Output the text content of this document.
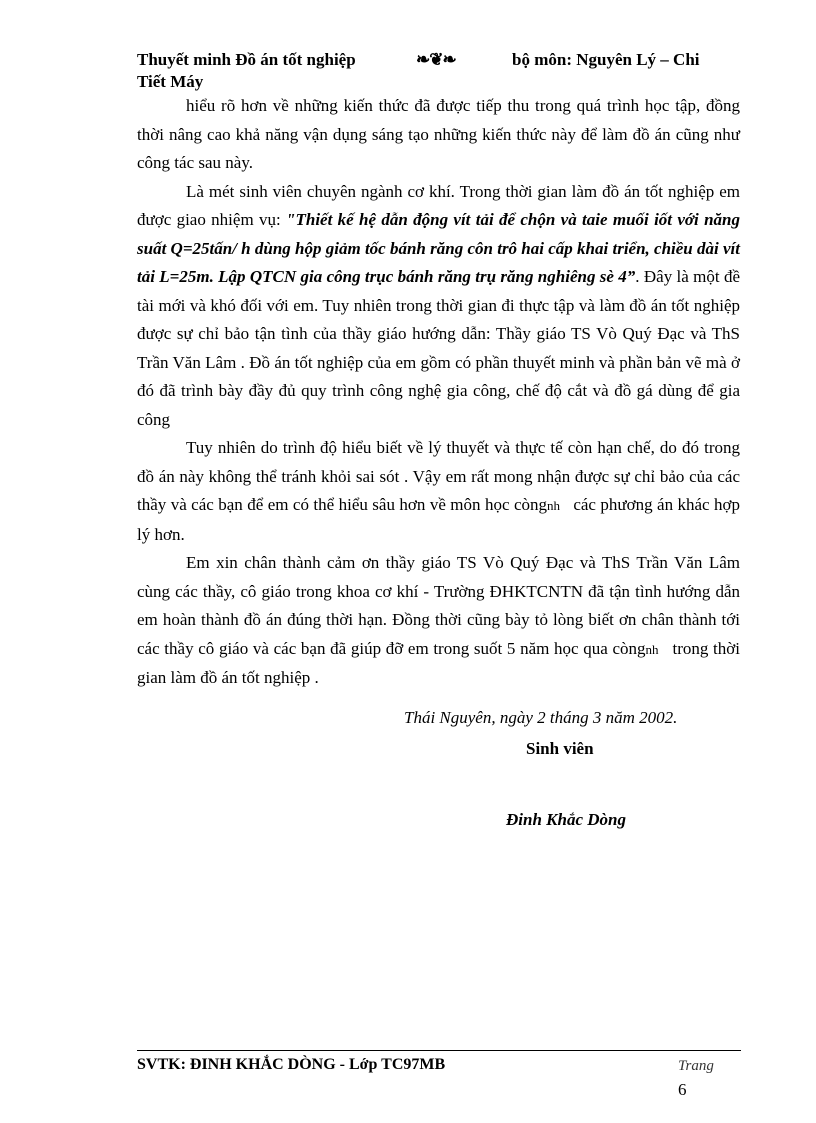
Thuyết minh Đồ án tốt nghiệp	❧❦❧	bộ môn: Nguyên Lý – Chi
Tiết Máy

hiểu rõ hơn về những kiến thức đã được tiếp thu trong quá trình học tập, đồng thời nâng cao khả năng vận dụng sáng tạo những kiến thức này để làm đồ án cũng như công tác sau này.

Là mét sinh viên chuyên ngành cơ khí. Trong thời gian làm đồ án tốt nghiệp em được giao nhiệm vụ: "Thiết kế hệ dẫn động vít tải để chộn và taie muối iốt với năng suất Q=25tấn/ h dùng hộp giảm tốc bánh răng côn trô hai cấp khai triển, chiều dài vít tải L=25m. Lập QTCN gia công trục bánh răng trụ răng nghiêng sè 4”. Đây là một đề tài mới và khó đối với em. Tuy nhiên trong thời gian đi thực tập và làm đồ án tốt nghiệp được sự chỉ bảo tận tình của thầy giáo hướng dẫn: Thầy giáo TS Vò Quý Đạc và ThS Trần Văn Lâm . Đồ án tốt nghiệp của em gồm có phần thuyết minh và phần bản vẽ mà ở đó đã trình bày đầy đủ quy trình công nghệ gia công, chế độ cắt và đồ gá dùng để gia công

Tuy nhiên do trình độ hiểu biết về lý thuyết và thực tế còn hạn chế, do đó trong đồ án này không thể tránh khỏi sai sót . Vậy em rất mong nhận được sự chỉ bảo của các thầy và các bạn để em có thể hiểu sâu hơn về môn học còngnh các phương án khác hợp lý hơn.

Em xin chân thành cảm ơn thầy giáo TS Vò Quý Đạc và ThS Trần Văn Lâm cùng các thầy, cô giáo trong khoa cơ khí - Trường ĐHKTCNTN đã tận tình hướng dẫn em hoàn thành đồ án đúng thời hạn. Đồng thời cũng bày tỏ lòng biết ơn chân thành tới các thầy cô giáo và các bạn đã giúp đỡ em trong suốt 5 năm học qua còngnh trong thời gian làm đồ án tốt nghiệp .

Thái Nguyên, ngày 2 tháng 3 năm 2002.
Sinh viên
Đinh Khắc Dòng
SVTK: ĐINH KHẮC DÒNG - Lớp TC97MB	Trang
6
